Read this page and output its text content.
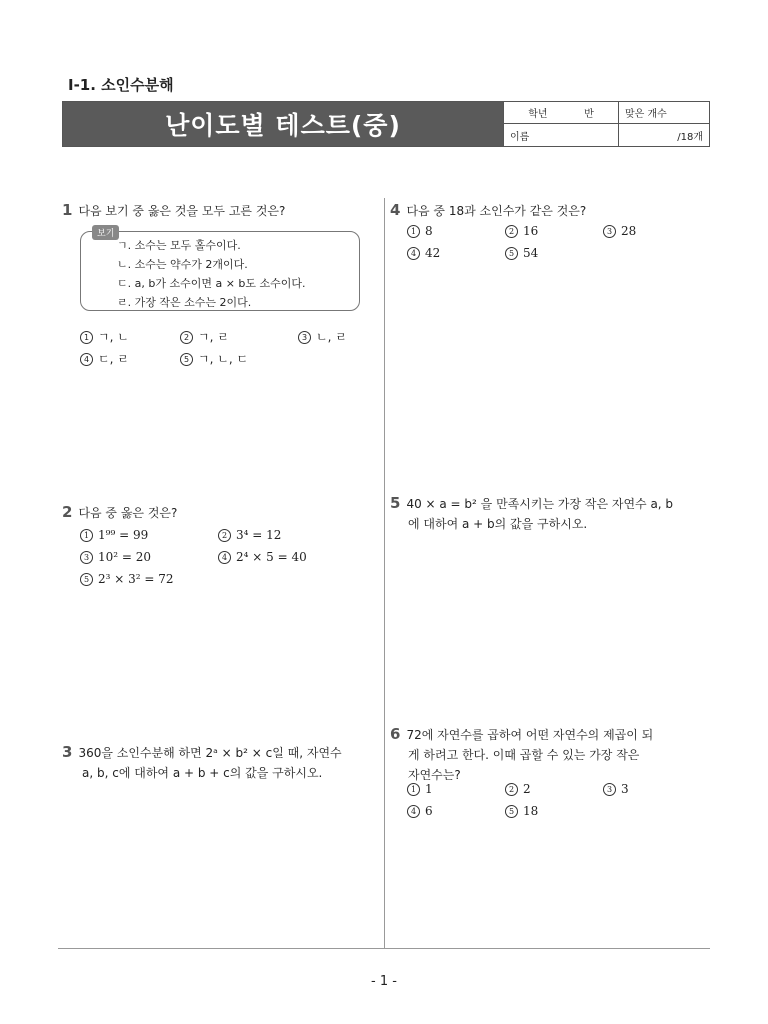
I-1. 소인수분해
난이도별 테스트(중)	학년	반	맞은 개수
이름	/18개
1 다음 보기 중 옳은 것을 모두 고른 것은?
ㄱ. 소수는 모두 홀수이다.
ㄴ. 소수는 약수가 2개이다.
ㄷ. a, b가 소수이면 a × b도 소수이다.
ㄹ. 가장 작은 소수는 2이다.
보기
1 ㄱ, ㄴ	2 ㄱ, ㄹ	3 ㄴ, ㄹ
4 ㄷ, ㄹ	5 ㄱ, ㄴ, ㄷ
2 다음 중 옳은 것은?
1 1⁹⁹ = 99	2 3⁴ = 12
3 10² = 20	4 2⁴ × 5 = 40
5 2³ × 3² = 72
3 360을 소인수분해 하면 2ᵃ × b² × c일 때, 자연수
a, b, c에 대하여 a + b + c의 값을 구하시오.
4 다음 중 18과 소인수가 같은 것은?
1 8	2 16	3 28
4 42	5 54
5 40 × a = b² 을 만족시키는 가장 작은 자연수 a, b
에 대하여 a + b의 값을 구하시오.
6 72에 자연수를 곱하여 어떤 자연수의 제곱이 되
게 하려고 한다. 이때 곱할 수 있는 가장 작은
자연수는?
1 1	2 2	3 3
4 6	5 18
- 1 -
